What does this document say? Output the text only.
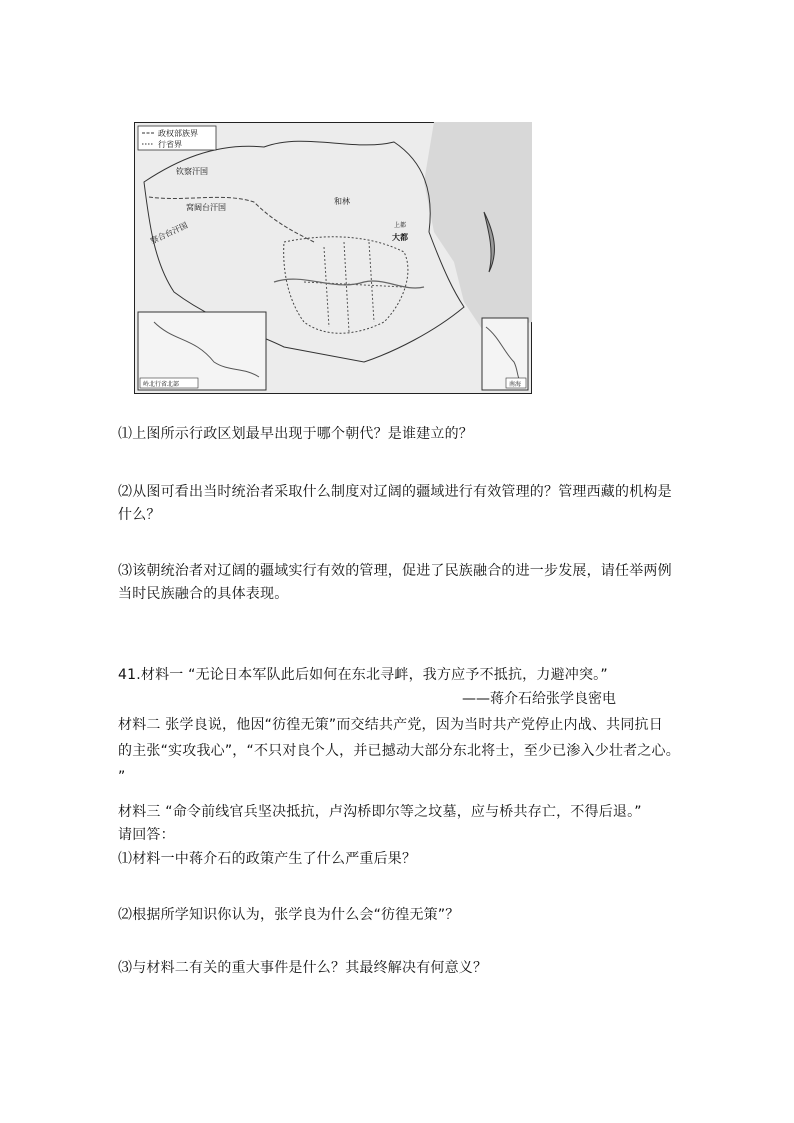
政权部族界
行省界
钦察汗国
窝阔台汗国
察合台汗国
和林
上都
大都
岭北行省北部	南海
⑴上图所示行政区划最早出现于哪个朝代？是谁建立的？
⑵从图可看出当时统治者采取什么制度对辽阔的疆域进行有效管理的？管理西藏的机构是
什么？
⑶该朝统治者对辽阔的疆域实行有效的管理，促进了民族融合的进一步发展，请任举两例
当时民族融合的具体表现。
41.材料一 “无论日本军队此后如何在东北寻衅，我方应予不抵抗，力避冲突。”
——蒋介石给张学良密电
材料二 张学良说，他因“彷徨无策”而交结共产党，因为当时共产党停止内战、共同抗日
的主张“实攻我心”，“不只对良个人，并已撼动大部分东北将士，至少已渗入少壮者之心。
”
材料三 “命令前线官兵坚决抵抗，卢沟桥即尔等之坟墓，应与桥共存亡，不得后退。”
请回答：
⑴材料一中蒋介石的政策产生了什么严重后果？
⑵根据所学知识你认为，张学良为什么会“彷徨无策”？
⑶与材料二有关的重大事件是什么？其最终解决有何意义？
